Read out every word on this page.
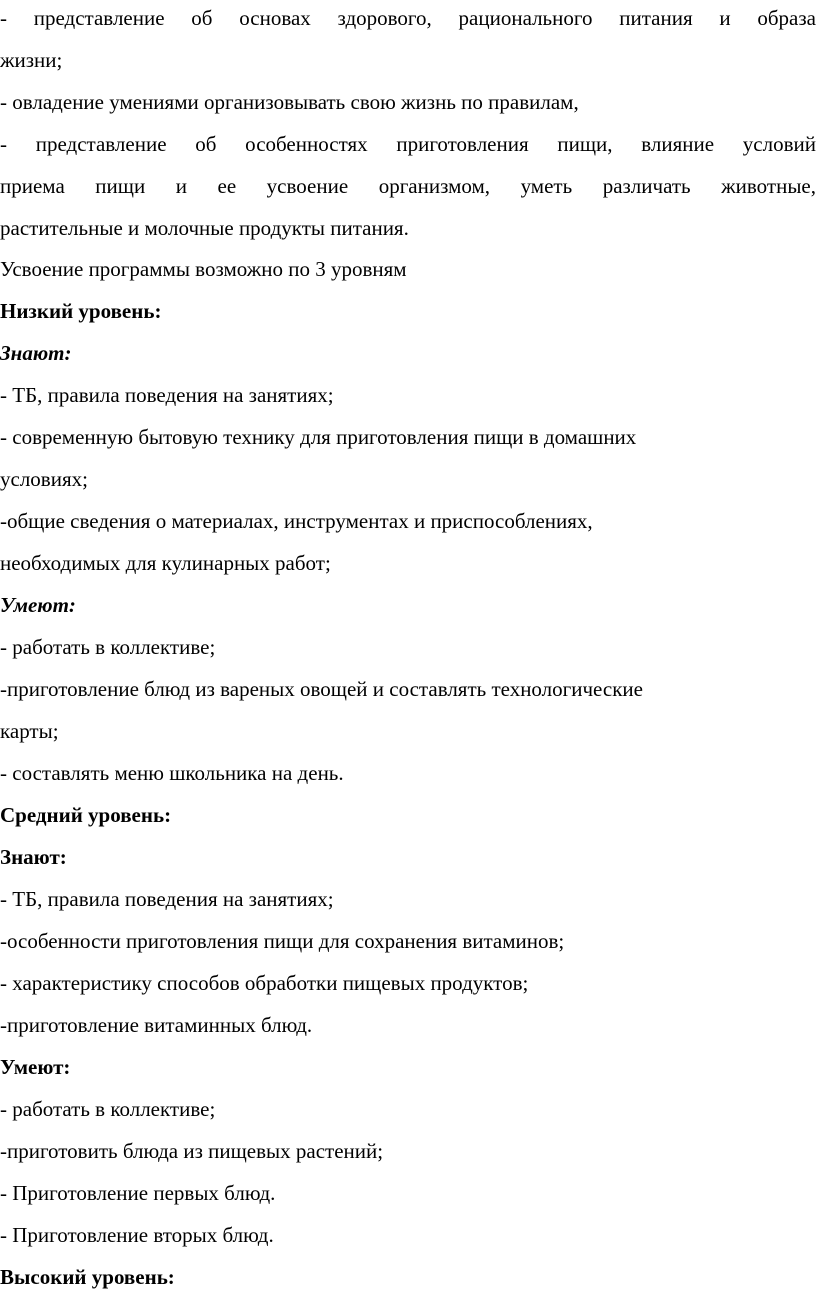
- представление об основах здорового, рационального питания и образа
жизни;
- овладение умениями организовывать свою жизнь по правилам,
- представление об особенностях приготовления пищи, влияние условий
приема пищи и ее усвоение организмом, уметь различать животные,
растительные и молочные продукты питания.
Усвоение программы возможно по 3 уровням
Низкий уровень:
Знают:
- ТБ, правила поведения на занятиях;
- современную бытовую технику для приготовления пищи в домашних
условиях;
-общие сведения о материалах, инструментах и приспособлениях,
необходимых для кулинарных работ;
Умеют:
- работать в коллективе;
-приготовление блюд из вареных овощей и составлять технологические
карты;
- составлять меню школьника на день.
Средний уровень:
Знают:
- ТБ, правила поведения на занятиях;
-особенности приготовления пищи для сохранения витаминов;
- характеристику способов обработки пищевых продуктов;
-приготовление витаминных блюд.
Умеют:
- работать в коллективе;
-приготовить блюда из пищевых растений;
- Приготовление первых блюд.
- Приготовление вторых блюд.
Высокий уровень:
